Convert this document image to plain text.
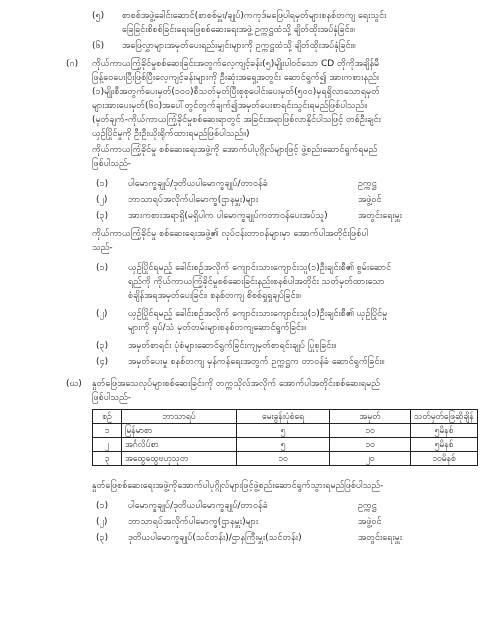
(၅) စာစစ်အဖွဲ့ခေါင်းဆောင်(စာစစ်မှူး/ချုပ်)ကကုဒ်မဖြေပါရမှတ်များစနစ်တကျ ရေးသွင်း
ခြေခြင်းစိစစ်ခြင်းရေးဖြေစစ်ဆေးရေးအဖွဲ့ ဥက္ကဋ္ဌထံသို့ ချိတ်ထိုးအပ်နှံခြင်း။
(၆) အဖြေလွှာများအမှတ်ပေးရည်းမျှင်းများကို ဥက္ကဋ္ဌထံသို့ ချိတ်ထိုးအပ်နှံခြင်း။
(ဂ) ကိုယ်ကာယကြံ့ခိုင်မှုစစ်ဆေးခြင်းအတွက်လေ့ကျင့်ခန်း(၅)မျိုးပါဝင်သော CD တိုကိုအချိန်မီ
ဖြန့်ဝေပေးပြီးဖြစ်ပြီးလေ့ကျင့်ခန်းများကို ဦးဆုံးအရှေ့အတွင်း ဆောင်ရွက်၍ အားကစားနည်း
(၁)မျိုးစီအတွက်ပေးမှတ်(၁၀၀)စီသတ်မှတ်ပြီးစုစုပေါင်းပေးမှတ်(၅၀၀)မှရရှိလာသောရမှတ်
များအားပေးမှတ်(၆၀)အပေါ်တွင်တွက်ချက်၍အမှတ်ပေးစာရင်းသွင်းရမည်ဖြစ်ပါသည်။
(မှတ်ချက်-ကိုယ်ကာယကြံ့ခိုင်မှုစစ်ဆေးရာတွင် အခြင်းအရာဖြစ်လာနိုင်ပါသဖြင့် တစ်ဦးချင်း
ယှဉ်ပြိုင်မှုကို ဦးဦးယိုးရိုက်ထားရမည်ဖြစ်ပါသည်။)
ကိုယ်ကာယကြံ့ခိုင်မှု စစ်ဆေးရေးအဖွဲ့ကို အောက်ပါပုဂ္ဂိုလ်များဖြင့် ဖွဲ့စည်းဆောင်ရွက်ရမည်
ဖြစ်ပါသည်-
(၁) ပါမောက္ခချုပ်/ဒုတိယပါမောက္ခချုပ်/တာဝန်ခံ	ဥက္ကဋ္ဌ
(၂) ဘာသာရပ်အလိုက်ပါမောက္ခ(ဌာနမှူး)များ	အဖွဲ့ဝင်
(၃) အားကစားအရာရှိ(မရှိပါက ပါမောက္ခချုပ်ကတာဝန်ပေးအပ်သူ)	အတွင်းရေးမှူး
ကိုယ်ကာယကြံ့ခိုင်မှု စစ်ဆေးရေးအဖွဲ့၏ လုပ်ငန်းတာဝန်များမှာ အောက်ပါအတိုင်းဖြစ်ပါ
သည်-
(၁) ယှဉ်ပြိုင်ရမည့် ခေါင်းစဉ်အလိုက် ကျောင်းသားကျောင်းသူ(၁)ဦးချင်းစီ၏ စွမ်းဆောင်
ရည်ကို ကိုယ်ကာယကြံ့ခိုင်မှုစစ်ဆေးခြင်းနည်းစနစ်ပါအတိုင်း သတ်မှတ်ထားသော
စံချိန်အရအမှတ်ပေးခြင်း၊ စနစ်တကျ စိစစ်ရှုရှုချပ်ခြင်း။
(၂) ယှဉ်ပြိုင်ရမည့် ခေါင်းစဉ်အလိုက် ကျောင်းသားကျောင်းသူ(၁)ဦးချင်းစီ၏ ယှဉ်ပြိုင်မှု
များကို ရုပ်/သံ မှတ်တမ်းများစနစ်တကျဆောင်ရွက်ခြင်း။
(၃) အမှတ်စာရင်း ပုံစံများဆောင်ရွက်ခြင်းကျမှတ်စာရင်းချုပ် ပြုစုခြင်း။
(၄) အမှတ်ပေးမှု စနစ်တကျ မှန်ကန်ရေးအတွက် ဥက္ကဋ္ဌက တာဝန်ခံ ဆောင်ရွက်ခြင်း။
(ဃ) နှုတ်ဖြေအသေလုပ်များစစ်ဆေးခြင်းကို တက္ကသိုလ်အလိုက် အောက်ပါအတိုင်းစစ်ဆေးရမည်
ဖြစ်ပါသည်-
စဉ်	ဘာသာရပ်	မေးခွန်းပုံစံရေ	အမှတ်	သတ်မှတ်ဖြေဆိုချိန်
၁	မြန်မာစာ	၅	၁၀	၅မိနစ်
၂	အင်္ဂလိပ်စာ	၅	၁၀	၅မိနစ်
၃	အထွေထွေဗဟုသုတ	၁၀	၂၀	၁၀မိနစ်
နှုတ်ဖြေစစ်ဆေးရေးအဖွဲ့ကိုအောက်ပါပုဂ္ဂိုလ်များဖြင့်ဖွဲ့စည်းဆောင်ရွက်သွားရမည်ဖြစ်ပါသည်-
(၁) ပါမောက္ခချုပ်/ဒုတိယပါမောက္ခချုပ်/တာဝန်ခံ	ဥက္ကဋ္ဌ
(၂) ဘာသာရပ်အလိုက်ပါမောက္ခ(ဌာနမှူး)များ	အဖွဲ့ဝင်
(၃) ဒုတိယပါမောက္ခချုပ်(သင်တန်း)/ဌာနကြီးမှူး(သင်တန်း)	အတွင်းရေးမှူး
